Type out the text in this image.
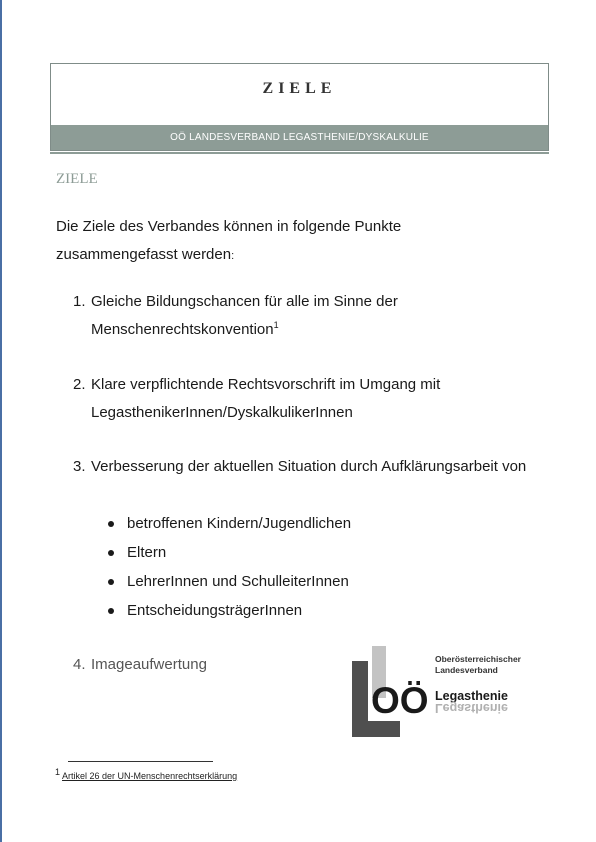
ZIELE
OÖ LANDESVERBAND LEGASTHENIE/DYSKALKULIE
ZIELE
Die Ziele des Verbandes können in folgende Punkte zusammengefasst werden:
1. Gleiche Bildungschancen für alle im Sinne der Menschenrechtskonvention$^1$
2. Klare verpflichtende Rechtsvorschrift im Umgang mit LegasthenikerInnen/DyskalkulikerInnen
3. Verbesserung der aktuellen Situation durch Aufklärungsarbeit von
betroffenen Kindern/Jugendlichen
Eltern
LehrerInnen und SchulleiterInnen
EntscheidungsträgerInnen
4. Imageaufwertung
OÖ
Oberösterreichischer
Landesverband
Legasthenie
Legasthenie
$^1$ Artikel 26 der UN-Menschenrechtserklärung
